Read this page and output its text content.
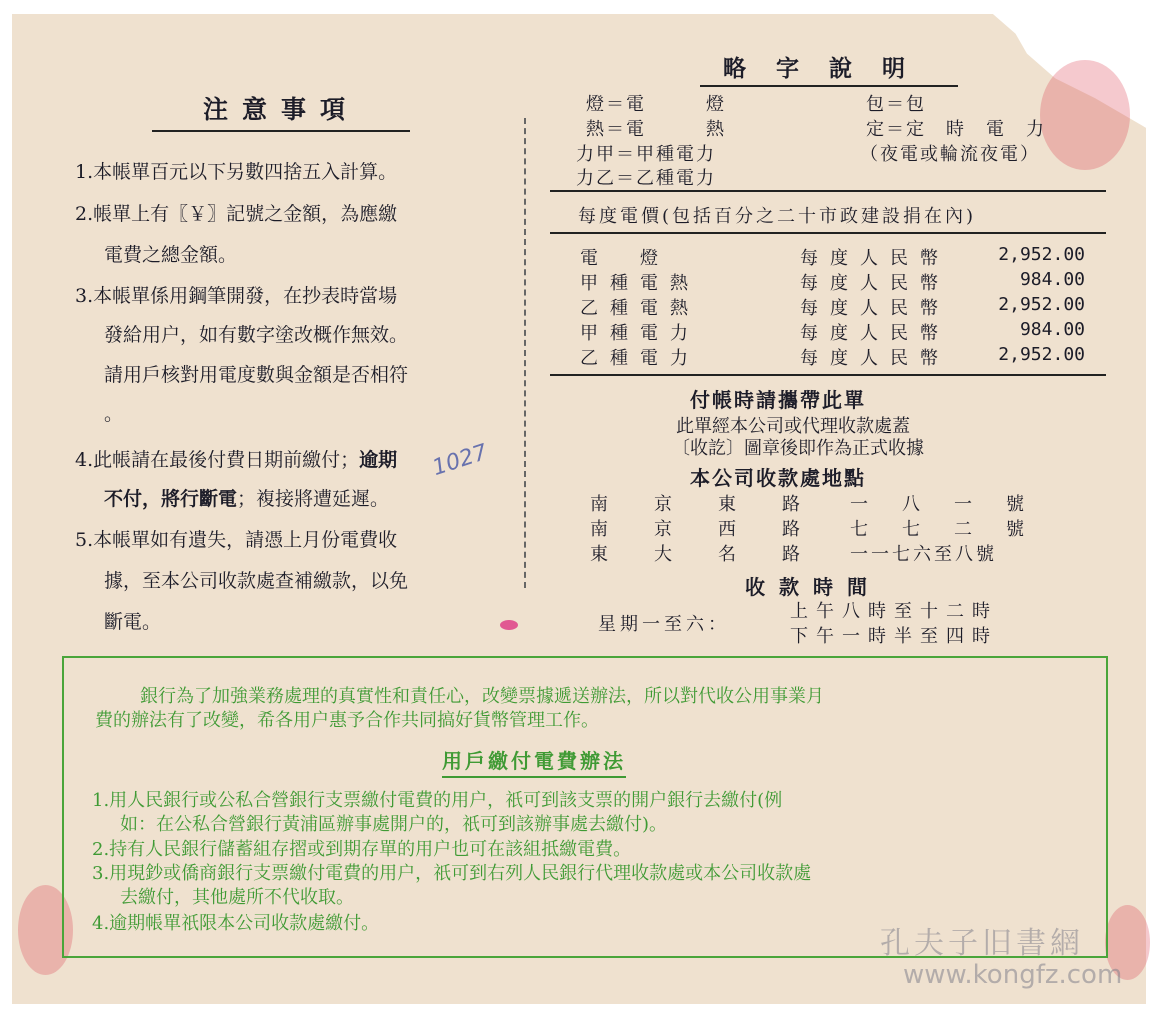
注意事項
1.本帳單百元以下另數四捨五入計算。
2.帳單上有〖￥〗記號之金額，為應繳
電費之總金額。
3.本帳單係用鋼筆開發，在抄表時當場
發給用户，如有數字塗改概作無效。
請用戶核對用電度數與金額是否相符
。
4.此帳請在最後付費日期前繳付；逾期
不付，將行斷電；複接將遭延遲。
5.本帳單如有遺失，請憑上月份電費收
據，至本公司收款處查補繳款，以免
斷電。
1027
略字說明
燈＝電　　　燈
熱＝電　　　熱
力甲＝甲種電力
力乙＝乙種電力
包＝包
定＝定　時　電　力
（夜電或輪流夜電）
每度電價(包括百分之二十市政建設捐在內)
電　燈	每度人民幣	2,952.00
甲種電熱	每度人民幣	984.00
乙種電熱	每度人民幣	2,952.00
甲種電力	每度人民幣	984.00
乙種電力	每度人民幣	2,952.00
付帳時請攜帶此單
此單經本公司或代理收款處蓋
〔收訖〕圖章後即作為正式收據
本公司收款處地點
南　京　東　路 一　八　一　號
南　京　西　路 七　七　二　號
東　大　名　路 一一七六至八號
收款時間
星期一至六：
上午八時至十二時
下午一時半至四時
銀行為了加強業務處理的真實性和責任心，改變票據遞送辦法，所以對代收公用事業月
費的辦法有了改變，希各用户惠予合作共同搞好貨幣管理工作。
用戶繳付電費辦法
1.用人民銀行或公私合營銀行支票繳付電費的用户，祇可到該支票的開户銀行去繳付(例
如：在公私合營銀行黃浦區辦事處開户的，祇可到該辦事處去繳付)。
2.持有人民銀行儲蓄組存摺或到期存單的用户也可在該組抵繳電費。
3.用現鈔或僑商銀行支票繳付電費的用户，祇可到右列人民銀行代理收款處或本公司收款處
去繳付，其他處所不代收取。
4.逾期帳單祇限本公司收款處繳付。
孔夫子旧書網
www.kongfz.com
